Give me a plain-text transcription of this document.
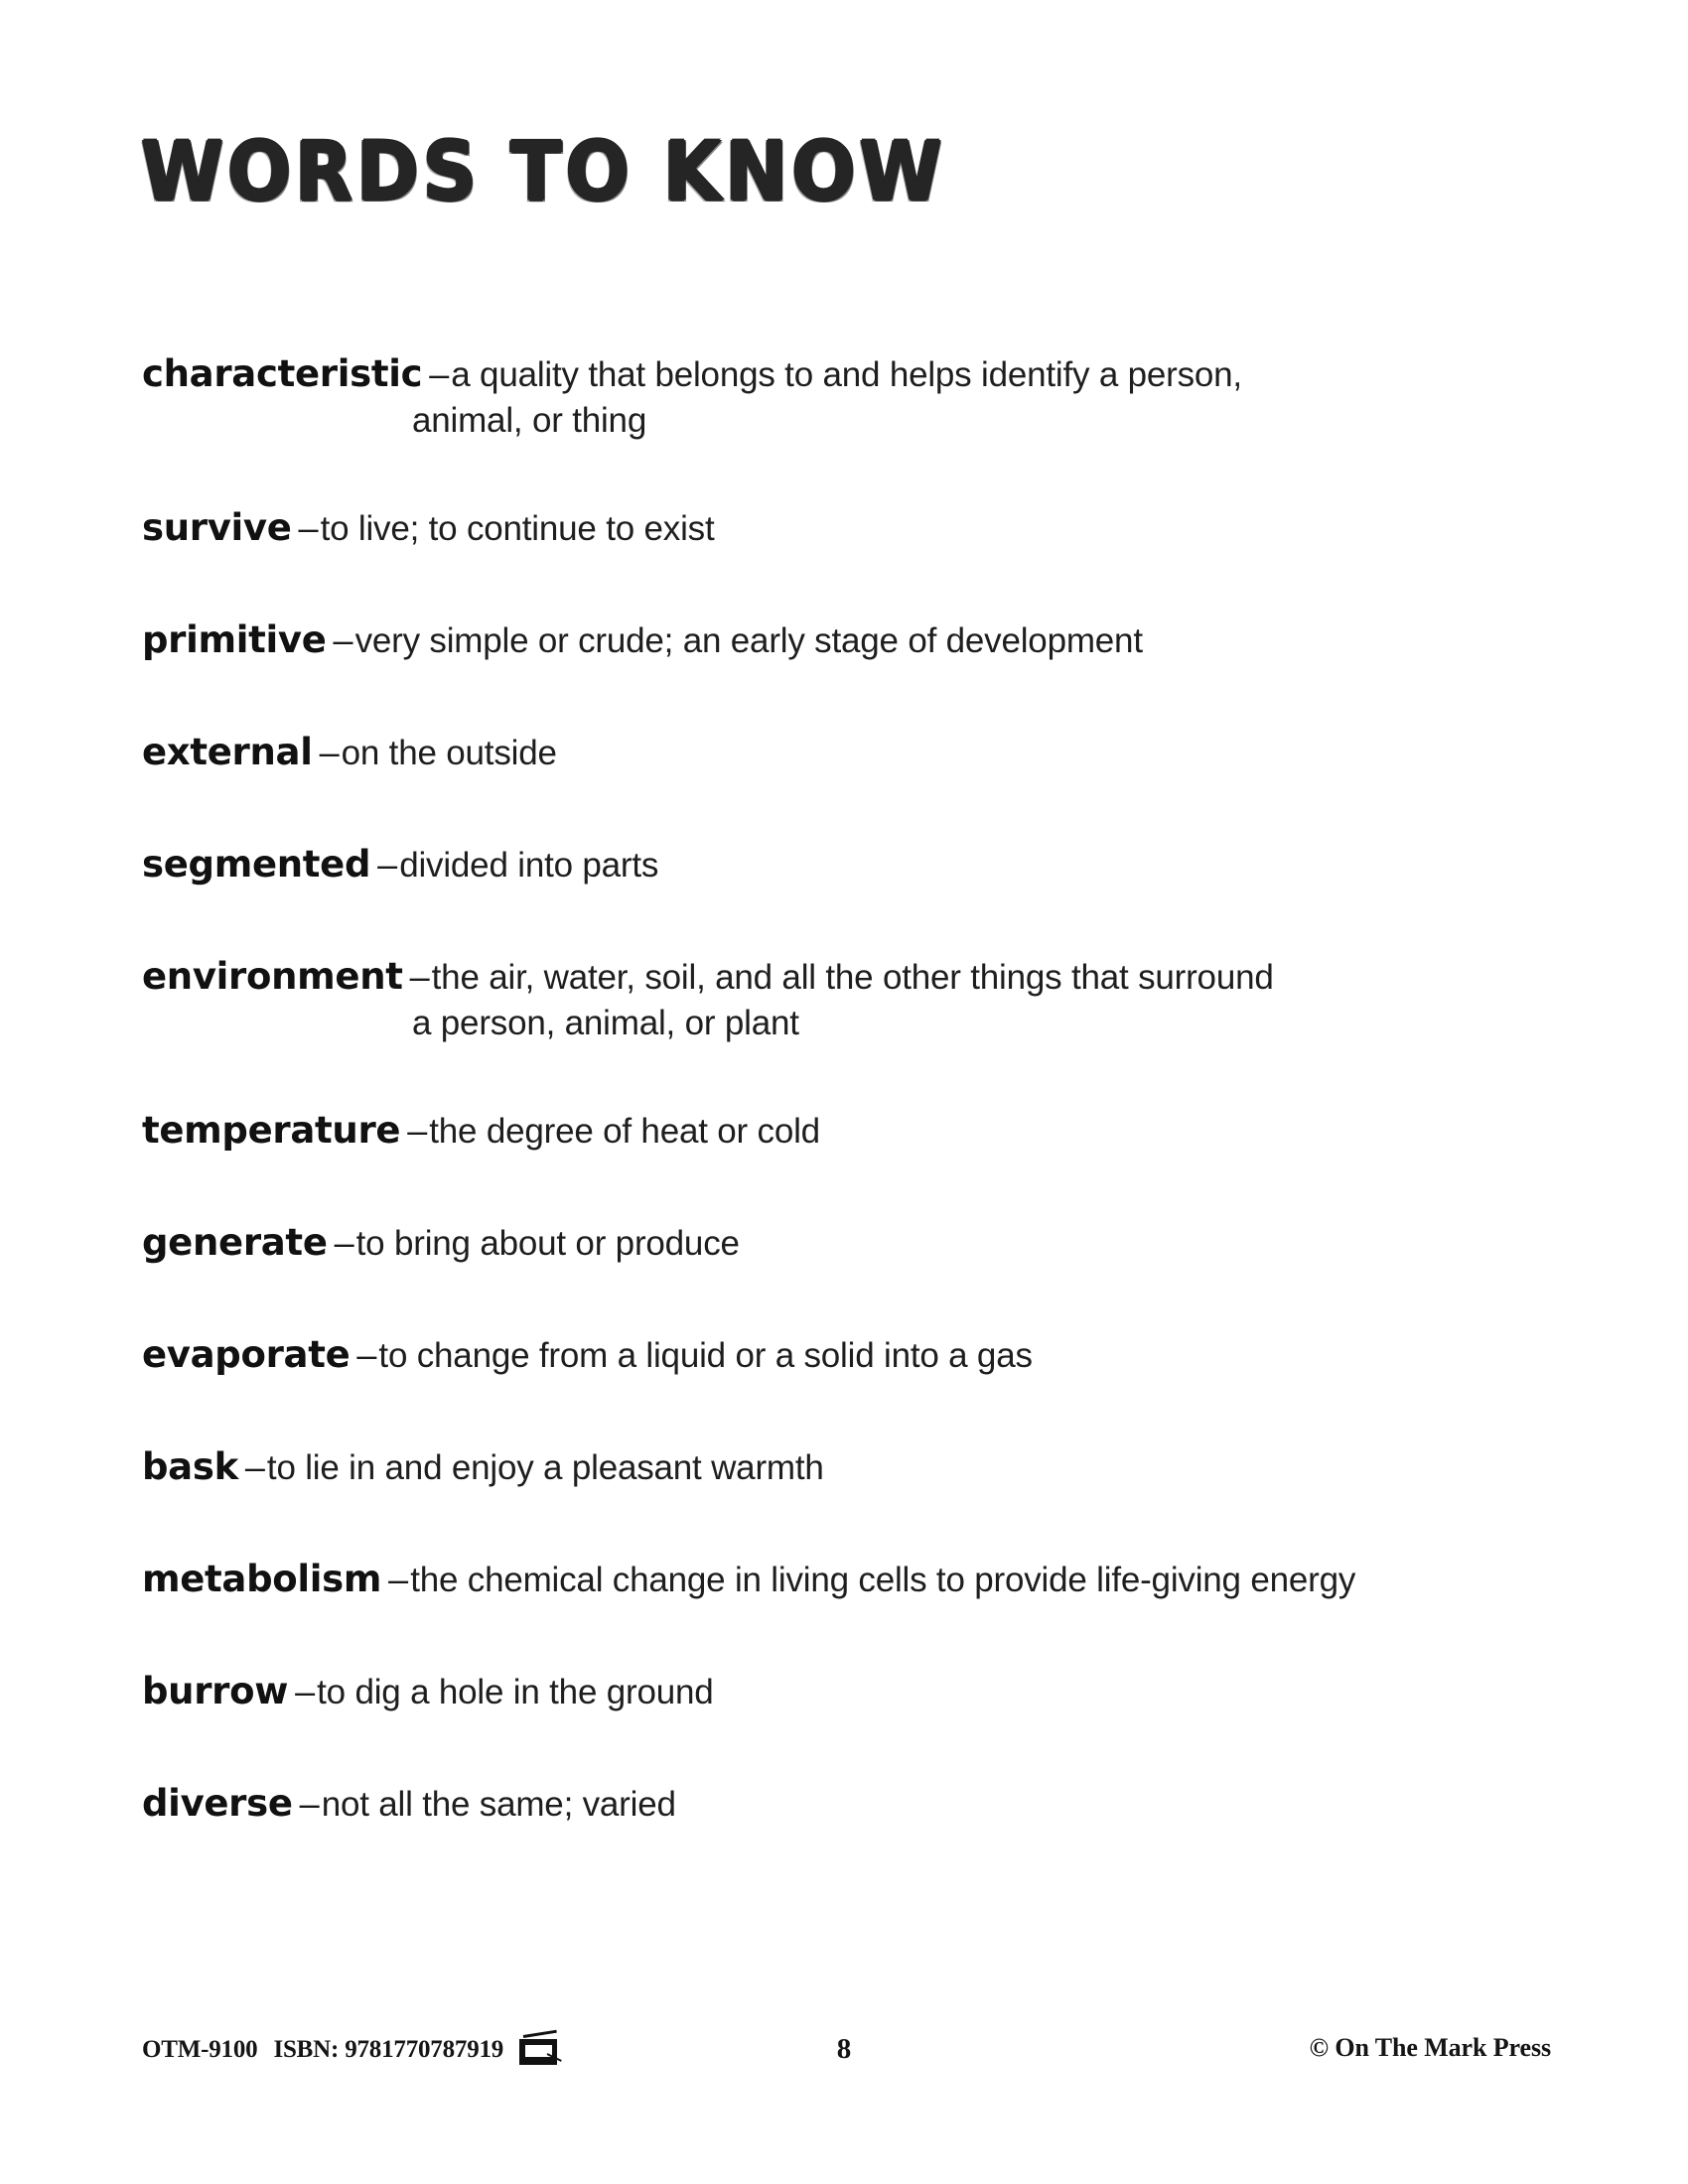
WORDS TO KNOW
characteristic –a quality that belongs to and helps identify a person,
animal, or thing
survive –to live; to continue to exist
primitive –very simple or crude; an early stage of development
external –on the outside
segmented –divided into parts
environment –the air, water, soil, and all the other things that surround
a person, animal, or plant
temperature –the degree of heat or cold
generate –to bring about or produce
evaporate –to change from a liquid or a solid into a gas
bask –to lie in and enjoy a pleasant warmth
metabolism –the chemical change in living cells to provide life-giving energy
burrow –to dig a hole in the ground
diverse –not all the same; varied
OTM-9100 ISBN: 9781770787919	8	© On The Mark Press
